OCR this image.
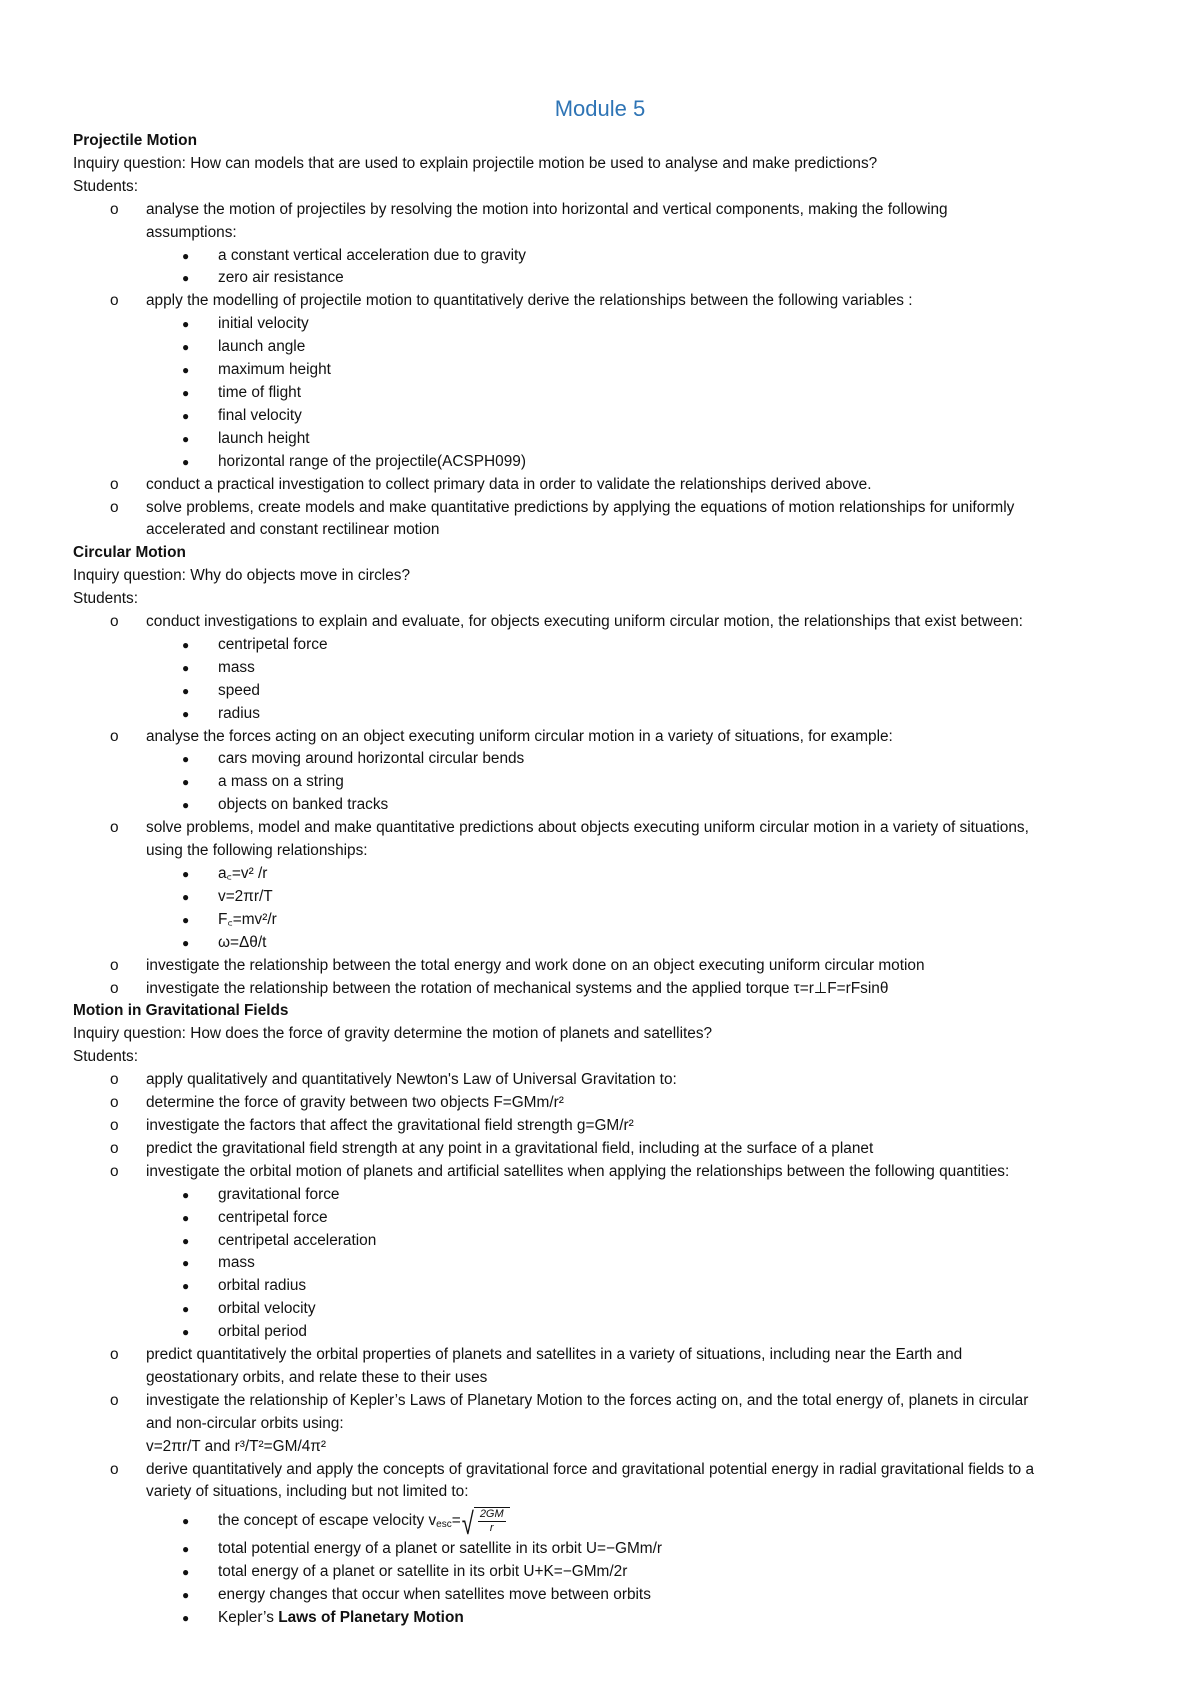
Module 5
Projectile Motion
Inquiry question: How can models that are used to explain projectile motion be used to analyse and make predictions?
Students:
o analyse the motion of projectiles by resolving the motion into horizontal and vertical components, making the following
assumptions:
● a constant vertical acceleration due to gravity
● zero air resistance
o apply the modelling of projectile motion to quantitatively derive the relationships between the following variables :
● initial velocity
● launch angle
● maximum height
● time of flight
● final velocity
● launch height
● horizontal range of the projectile(ACSPH099)
o conduct a practical investigation to collect primary data in order to validate the relationships derived above.
o solve problems, create models and make quantitative predictions by applying the equations of motion relationships for uniformly
accelerated and constant rectilinear motion
Circular Motion
Inquiry question: Why do objects move in circles?
Students:
o conduct investigations to explain and evaluate, for objects executing uniform circular motion, the relationships that exist between:
● centripetal force
● mass
● speed
● radius
o analyse the forces acting on an object executing uniform circular motion in a variety of situations, for example:
● cars moving around horizontal circular bends
● a mass on a string
● objects on banked tracks
o solve problems, model and make quantitative predictions about objects executing uniform circular motion in a variety of situations,
using the following relationships:
● a꜀=v² /r
● v=2πr/T
● F꜀=mv²/r
● ω=Δθ/t
o investigate the relationship between the total energy and work done on an object executing uniform circular motion
o investigate the relationship between the rotation of mechanical systems and the applied torque τ=r⊥F=rFsinθ
Motion in Gravitational Fields
Inquiry question: How does the force of gravity determine the motion of planets and satellites?
Students:
o apply qualitatively and quantitatively Newton's Law of Universal Gravitation to:
o determine the force of gravity between two objects F=GMm/r²
o investigate the factors that affect the gravitational field strength g=GM/r²
o predict the gravitational field strength at any point in a gravitational field, including at the surface of a planet
o investigate the orbital motion of planets and artificial satellites when applying the relationships between the following quantities:
● gravitational force
● centripetal force
● centripetal acceleration
● mass
● orbital radius
● orbital velocity
● orbital period
o predict quantitatively the orbital properties of planets and satellites in a variety of situations, including near the Earth and
geostationary orbits, and relate these to their uses
o investigate the relationship of Kepler’s Laws of Planetary Motion to the forces acting on, and the total energy of, planets in circular
and non-circular orbits using:
v=2πr/T and r³/T²=GM/4π²
o derive quantitatively and apply the concepts of gravitational force and gravitational potential energy in radial gravitational fields to a
variety of situations, including but not limited to:
● the concept of escape velocity $v_{esc}=$ √ $\frac{2GM}{r}$
● total potential energy of a planet or satellite in its orbit U=−GMm/r
● total energy of a planet or satellite in its orbit U+K=−GMm/2r
● energy changes that occur when satellites move between orbits
● Kepler’s Laws of Planetary Motion
